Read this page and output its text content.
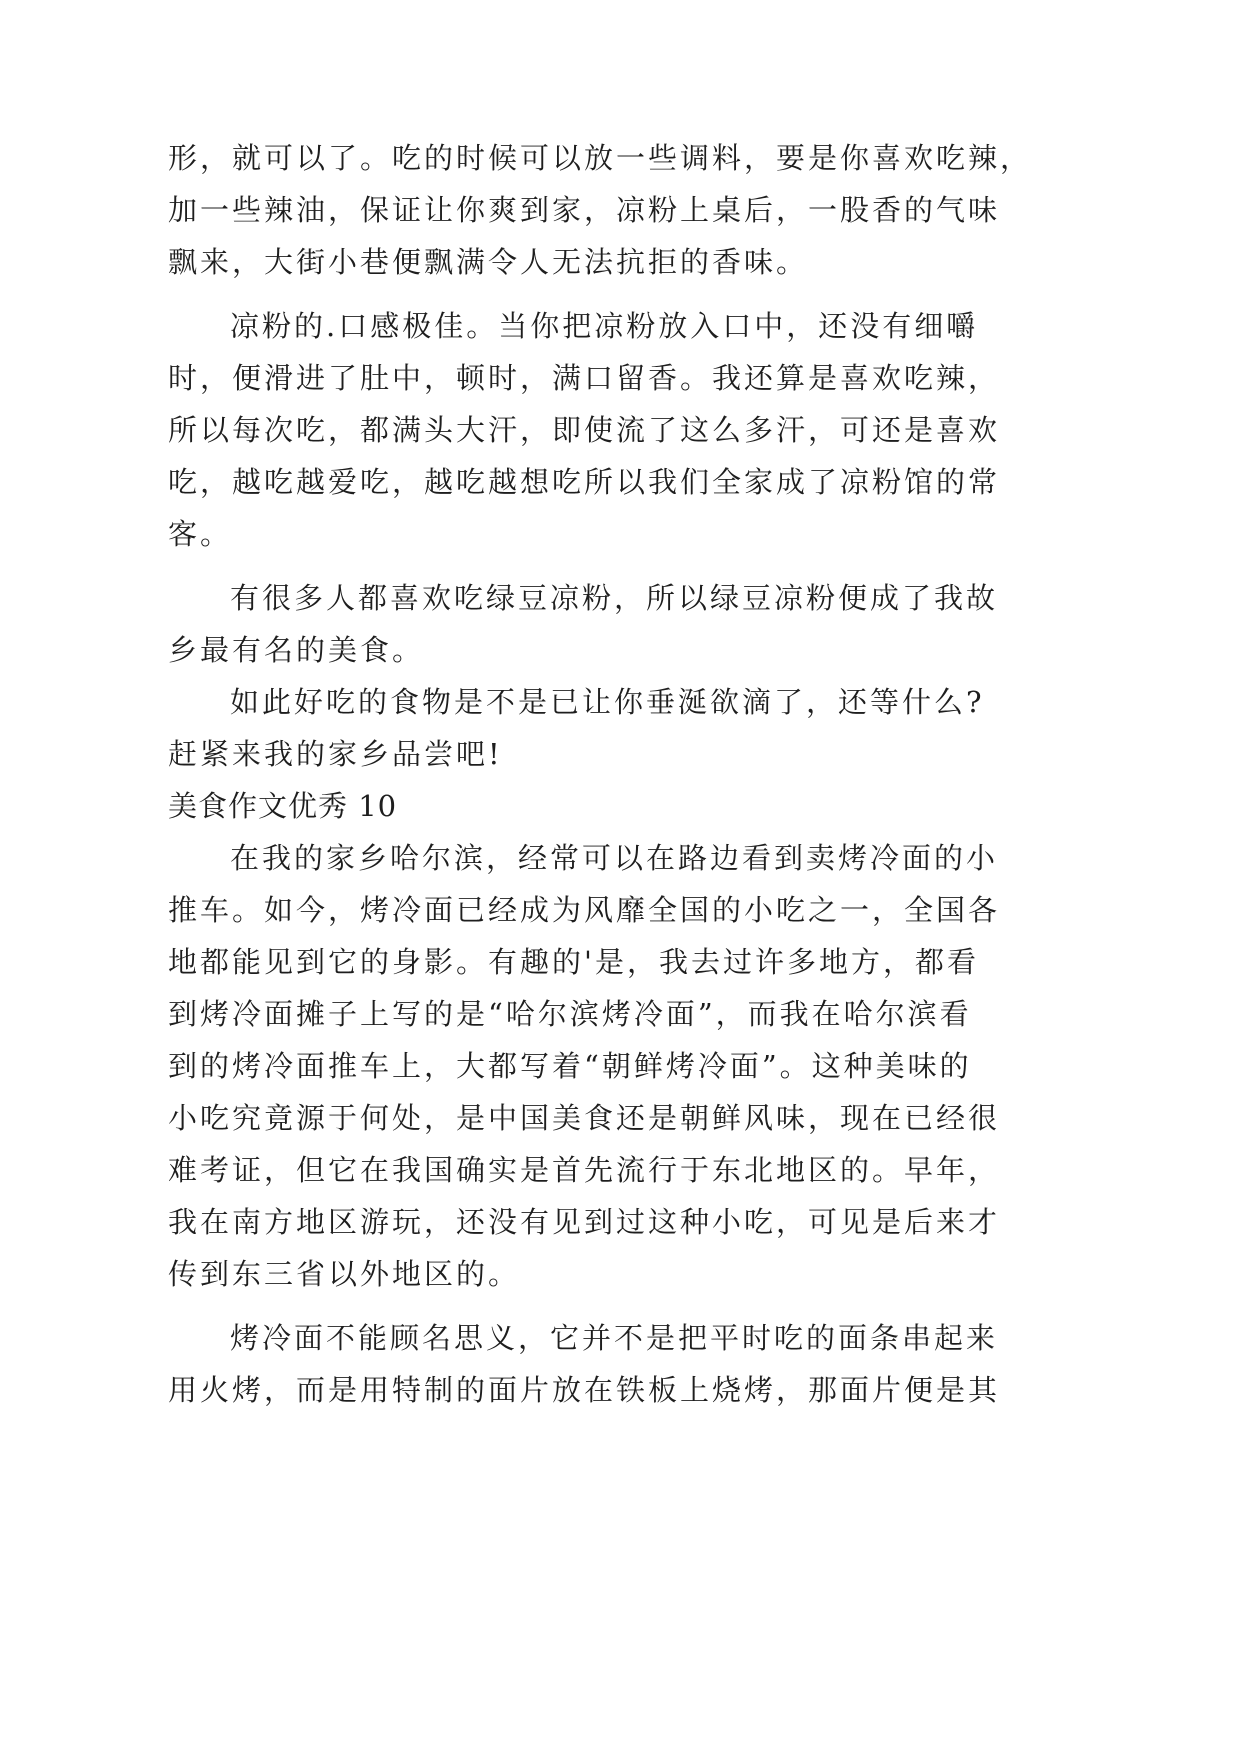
形，就可以了。吃的时候可以放一些调料，要是你喜欢吃辣，
加一些辣油，保证让你爽到家，凉粉上桌后，一股香的气味
飘来，大街小巷便飘满令人无法抗拒的香味。
凉粉的.口感极佳。当你把凉粉放入口中，还没有细嚼
时，便滑进了肚中，顿时，满口留香。我还算是喜欢吃辣，
所以每次吃，都满头大汗，即使流了这么多汗，可还是喜欢
吃，越吃越爱吃，越吃越想吃所以我们全家成了凉粉馆的常
客。
有很多人都喜欢吃绿豆凉粉，所以绿豆凉粉便成了我故
乡最有名的美食。
如此好吃的食物是不是已让你垂涎欲滴了，还等什么?
赶紧来我的家乡品尝吧!
美食作文优秀 10
在我的家乡哈尔滨，经常可以在路边看到卖烤冷面的小
推车。如今，烤冷面已经成为风靡全国的小吃之一，全国各
地都能见到它的身影。有趣的'是，我去过许多地方，都看
到烤冷面摊子上写的是“哈尔滨烤冷面”，而我在哈尔滨看
到的烤冷面推车上，大都写着“朝鲜烤冷面”。这种美味的
小吃究竟源于何处，是中国美食还是朝鲜风味，现在已经很
难考证，但它在我国确实是首先流行于东北地区的。早年，
我在南方地区游玩，还没有见到过这种小吃，可见是后来才
传到东三省以外地区的。
烤冷面不能顾名思义，它并不是把平时吃的面条串起来
用火烤，而是用特制的面片放在铁板上烧烤，那面片便是其
